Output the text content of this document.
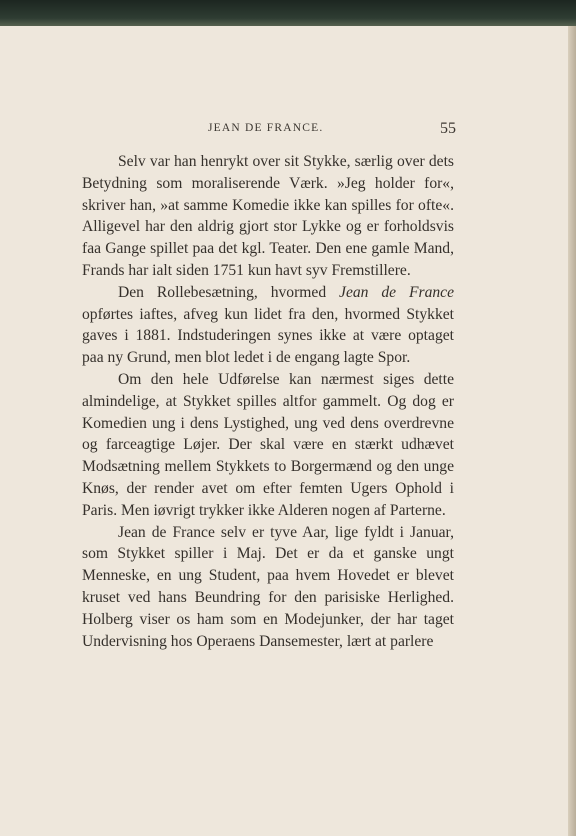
JEAN DE FRANCE.	55

Selv var han henrykt over sit Stykke, særlig over dets Betydning som moraliserende Værk. »Jeg holder for«, skriver han, »at samme Komedie ikke kan spilles for ofte«. Alligevel har den aldrig gjort stor Lykke og er forholdsvis faa Gange spillet paa det kgl. Teater. Den ene gamle Mand, Frands har ialt siden 1751 kun havt syv Fremstillere.

Den Rollebesætning, hvormed Jean de France opførtes iaftes, afveg kun lidet fra den, hvormed Stykket gaves i 1881. Indstuderingen synes ikke at være optaget paa ny Grund, men blot ledet i de engang lagte Spor.

Om den hele Udførelse kan nærmest siges dette almindelige, at Stykket spilles altfor gammelt. Og dog er Komedien ung i dens Lystighed, ung ved dens overdrevne og farceagtige Løjer. Der skal være en stærkt udhævet Modsætning mellem Stykkets to Borgermænd og den unge Knøs, der render avet om efter femten Ugers Ophold i Paris. Men iøvrigt trykker ikke Alderen nogen af Parterne.

Jean de France selv er tyve Aar, lige fyldt i Januar, som Stykket spiller i Maj. Det er da et ganske ungt Menneske, en ung Student, paa hvem Hovedet er blevet kruset ved hans Beundring for den parisiske Herlighed. Holberg viser os ham som en Modejunker, der har taget Undervisning hos Operaens Dansemester, lært at parlere
